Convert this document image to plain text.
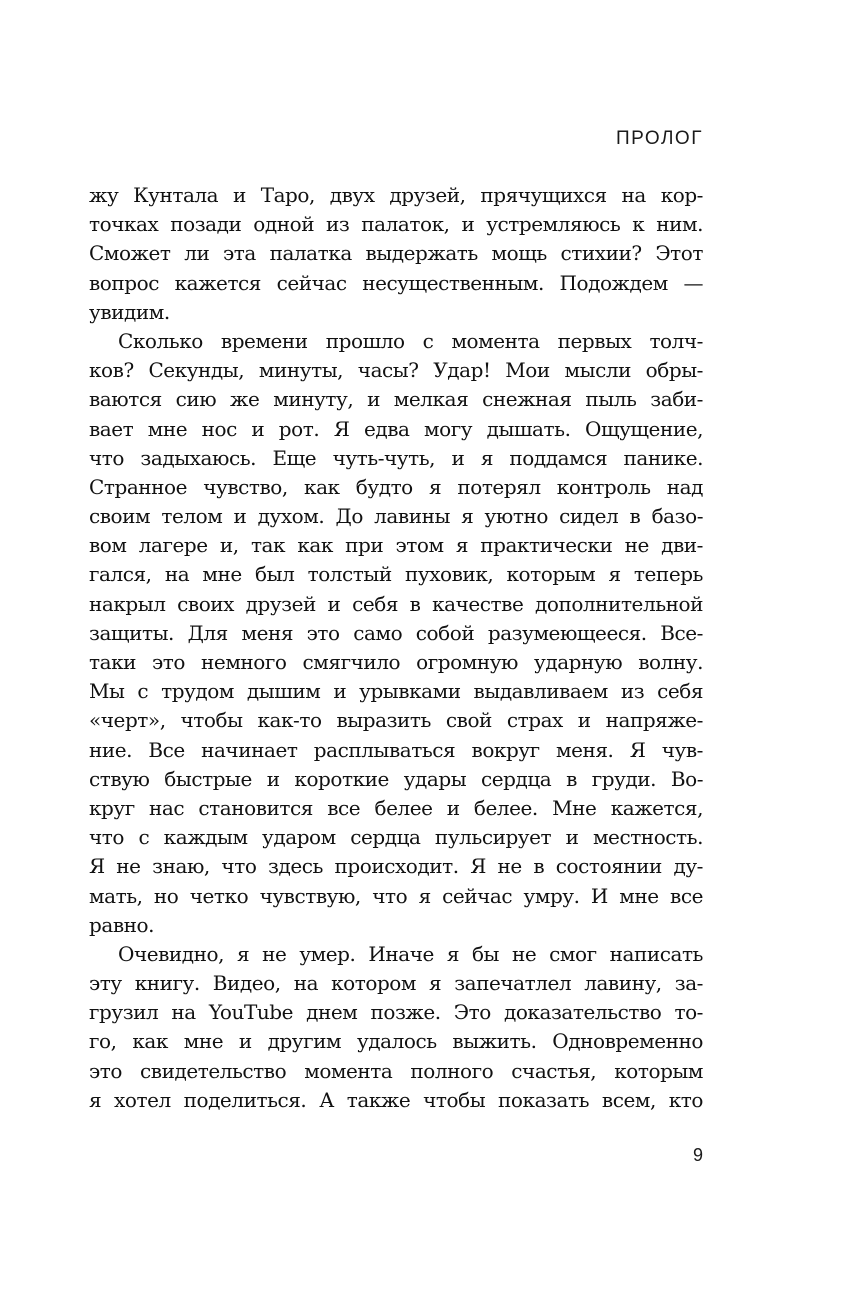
ПРОЛОГ
жу Кунтала и Таро, двух друзей, прячущихся на кор-
точках позади одной из палаток, и устремляюсь к ним.
Сможет ли эта палатка выдержать мощь стихии? Этот
вопрос кажется сейчас несущественным. Подождем —
увидим.
Сколько времени прошло с момента первых толч-
ков? Секунды, минуты, часы? Удар! Мои мысли обры-
ваются сию же минуту, и мелкая снежная пыль заби-
вает мне нос и рот. Я едва могу дышать. Ощущение,
что задыхаюсь. Еще чуть-чуть, и я поддамся панике.
Странное чувство, как будто я потерял контроль над
своим телом и духом. До лавины я уютно сидел в базо-
вом лагере и, так как при этом я практически не дви-
гался, на мне был толстый пуховик, которым я теперь
накрыл своих друзей и себя в качестве дополнительной
защиты. Для меня это само собой разумеющееся. Все-
таки это немного смягчило огромную ударную волну.
Мы с трудом дышим и урывками выдавливаем из себя
«черт», чтобы как-то выразить свой страх и напряже-
ние. Все начинает расплываться вокруг меня. Я чув-
ствую быстрые и короткие удары сердца в груди. Во-
круг нас становится все белее и белее. Мне кажется,
что с каждым ударом сердца пульсирует и местность.
Я не знаю, что здесь происходит. Я не в состоянии ду-
мать, но четко чувствую, что я сейчас умру. И мне все
равно.
Очевидно, я не умер. Иначе я бы не смог написать
эту книгу. Видео, на котором я запечатлел лавину, за-
грузил на YouTube днем позже. Это доказательство то-
го, как мне и другим удалось выжить. Одновременно
это свидетельство момента полного счастья, которым
я хотел поделиться. А также чтобы показать всем, кто
9
